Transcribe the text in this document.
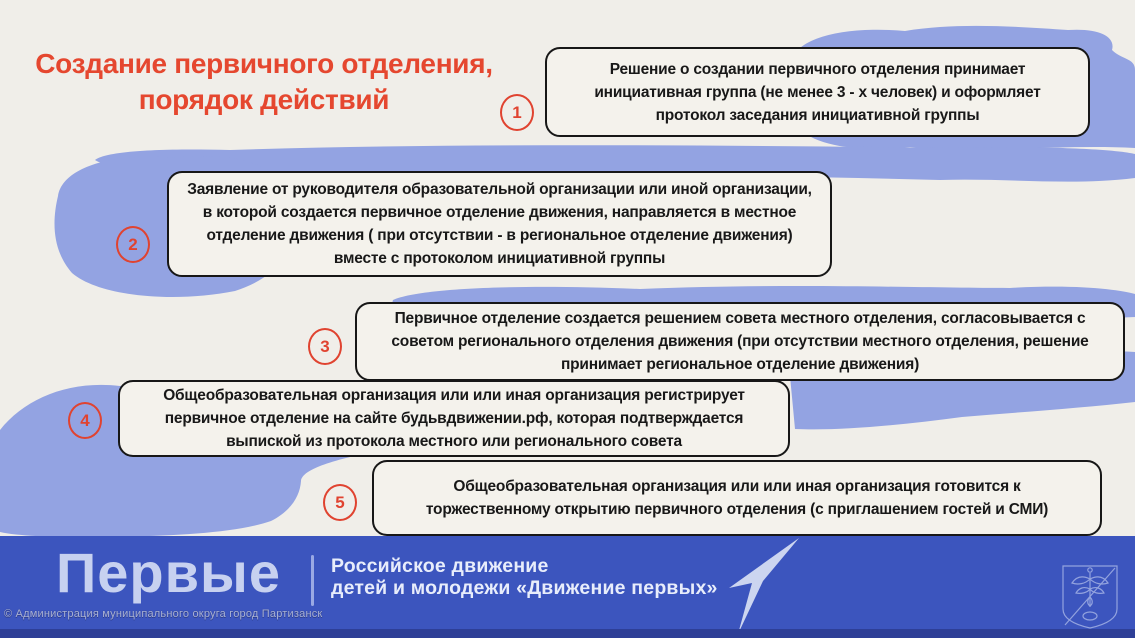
Создание первичного отделения,
порядок действий	1

Решение о создании первичного отделения принимает инициативная группа (не менее 3 - х человек) и оформляет протокол заседания инициативной группы

2

Заявление от руководителя образовательной организации или иной организации, в которой создается первичное отделение движения, направляется в местное отделение движения ( при отсутствии - в региональное отделение движения) вместе с протоколом инициативной группы

3

Первичное отделение создается решением совета местного отделения, согласовывается с советом регионального отделения движения (при отсутствии местного отделения, решение принимает региональное отделение движения)

4

Общеобразовательная организация или или иная организация регистрирует первичное отделение на сайте будьвдвижении.рф, которая подтверждается выпиской из протокола местного или регионального совета

5

Общеобразовательная организация или или иная организация готовится к торжественному открытию первичного отделения (с приглашением гостей и СМИ)

Первые	Российское движение
детей и молодежи «Движение первых»
© Администрация муниципального округа город Партизанск
